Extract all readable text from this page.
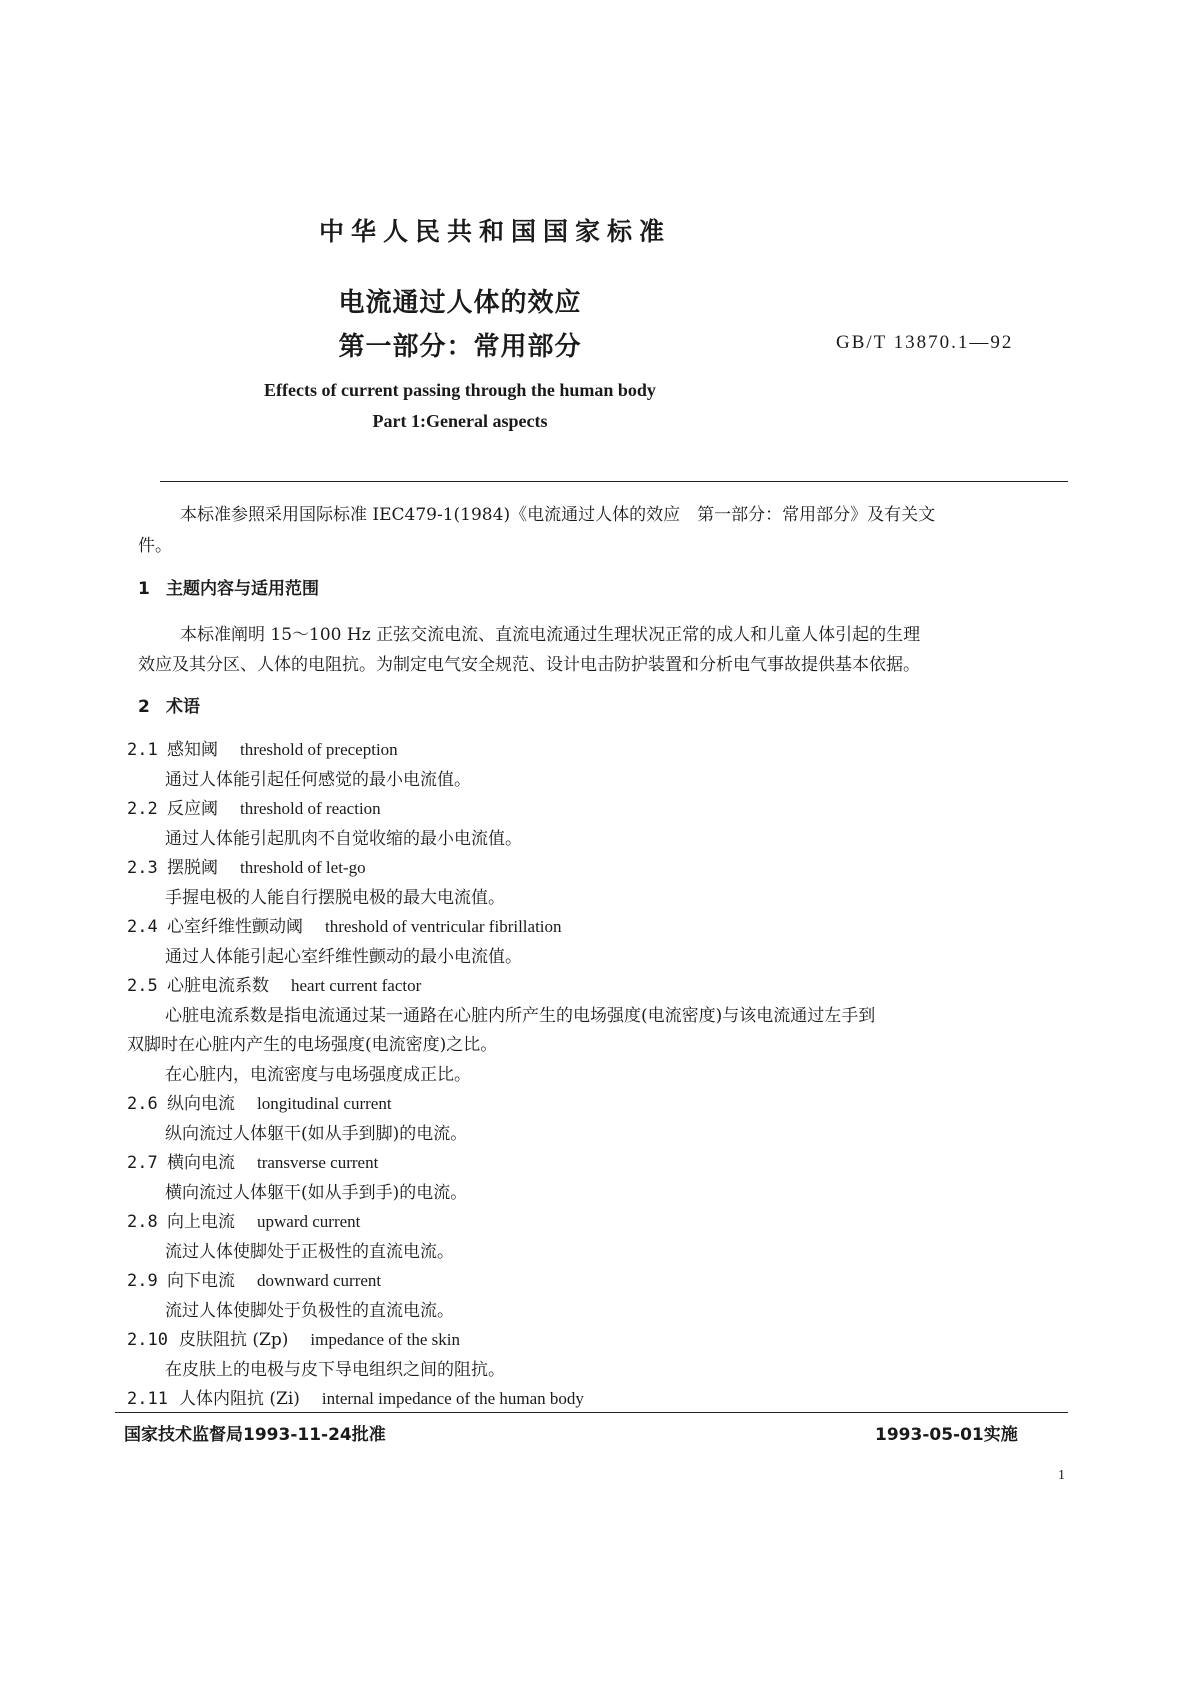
中华人民共和国国家标准
电流通过人体的效应
第一部分：常用部分	GB/T 13870.1—92
Effects of current passing through the human body
Part 1:General aspects
本标准参照采用国际标准 IEC479-1(1984)《电流通过人体的效应　第一部分：常用部分》及有关文
件。
1 主题内容与适用范围
本标准阐明 15～100 Hz 正弦交流电流、直流电流通过生理状况正常的成人和儿童人体引起的生理
效应及其分区、人体的电阻抗。为制定电气安全规范、设计电击防护装置和分析电气事故提供基本依据。
2 术语
2.1 感知阈 threshold of preception
通过人体能引起任何感觉的最小电流值。
2.2 反应阈 threshold of reaction
通过人体能引起肌肉不自觉收缩的最小电流值。
2.3 摆脱阈 threshold of let-go
手握电极的人能自行摆脱电极的最大电流值。
2.4 心室纤维性颤动阈 threshold of ventricular fibrillation
通过人体能引起心室纤维性颤动的最小电流值。
2.5 心脏电流系数 heart current factor
心脏电流系数是指电流通过某一通路在心脏内所产生的电场强度(电流密度)与该电流通过左手到
双脚时在心脏内产生的电场强度(电流密度)之比。
在心脏内，电流密度与电场强度成正比。
2.6 纵向电流 longitudinal current
纵向流过人体躯干(如从手到脚)的电流。
2.7 横向电流 transverse current
横向流过人体躯干(如从手到手)的电流。
2.8 向上电流 upward current
流过人体使脚处于正极性的直流电流。
2.9 向下电流 downward current
流过人体使脚处于负极性的直流电流。
2.10 皮肤阻抗 (Zp) impedance of the skin
在皮肤上的电极与皮下导电组织之间的阻抗。
2.11 人体内阻抗 (Zi) internal impedance of the human body
国家技术监督局1993-11-24批准	1993-05-01实施
1
